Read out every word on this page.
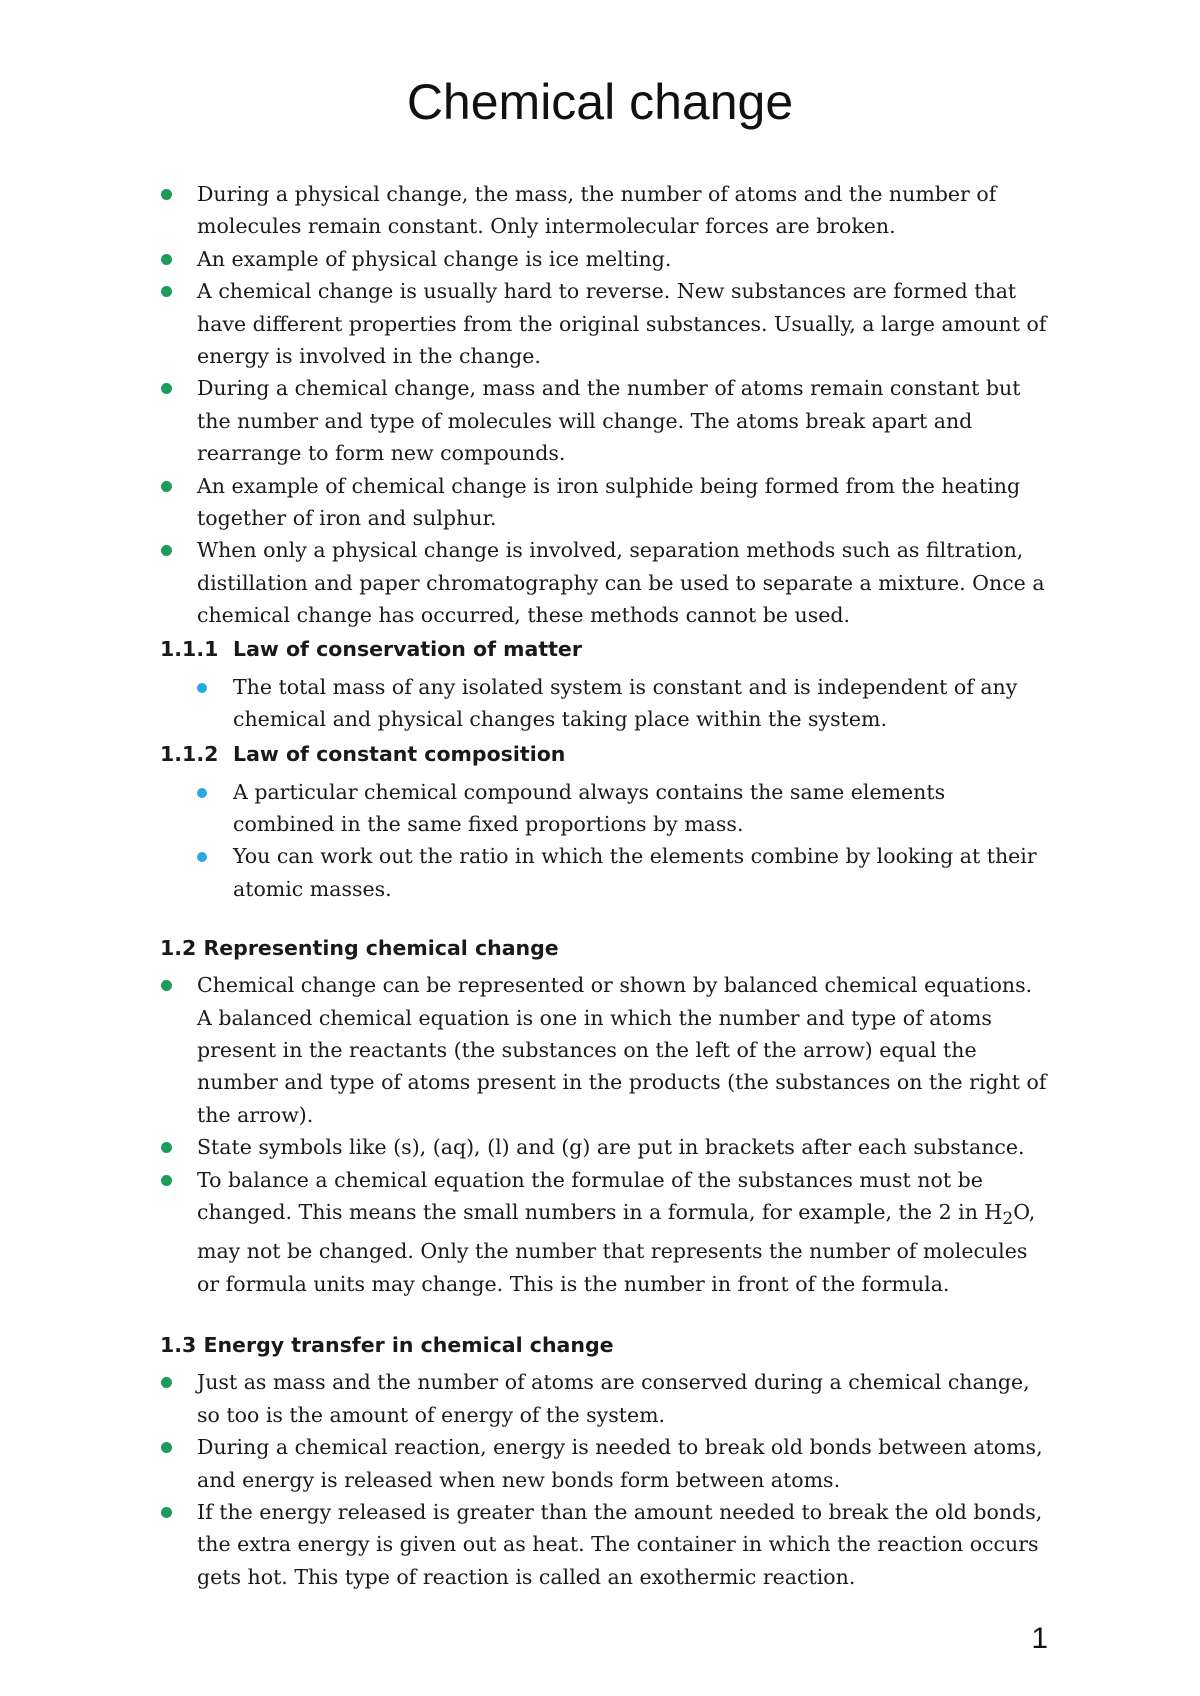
Chemical change
During a physical change, the mass, the number of atoms and the number of molecules remain constant. Only intermolecular forces are broken.
An example of physical change is ice melting.
A chemical change is usually hard to reverse. New substances are formed that have different properties from the original substances. Usually, a large amount of energy is involved in the change.
During a chemical change, mass and the number of atoms remain constant but the number and type of molecules will change. The atoms break apart and rearrange to form new compounds.
An example of chemical change is iron sulphide being formed from the heating together of iron and sulphur.
When only a physical change is involved, separation methods such as filtration, distillation and paper chromatography can be used to separate a mixture. Once a chemical change has occurred, these methods cannot be used.
1.1.1 Law of conservation of matter
The total mass of any isolated system is constant and is independent of any chemical and physical changes taking place within the system.
1.1.2 Law of constant composition
A particular chemical compound always contains the same elements combined in the same fixed proportions by mass.
You can work out the ratio in which the elements combine by looking at their atomic masses.
1.2 Representing chemical change
Chemical change can be represented or shown by balanced chemical equations. A balanced chemical equation is one in which the number and type of atoms present in the reactants (the substances on the left of the arrow) equal the number and type of atoms present in the products (the substances on the right of the arrow).
State symbols like (s), (aq), (l) and (g) are put in brackets after each substance.
To balance a chemical equation the formulae of the substances must not be changed. This means the small numbers in a formula, for example, the 2 in $H_2O$, may not be changed. Only the number that represents the number of molecules or formula units may change. This is the number in front of the formula.
1.3 Energy transfer in chemical change
Just as mass and the number of atoms are conserved during a chemical change, so too is the amount of energy of the system.
During a chemical reaction, energy is needed to break old bonds between atoms, and energy is released when new bonds form between atoms.
If the energy released is greater than the amount needed to break the old bonds, the extra energy is given out as heat. The container in which the reaction occurs gets hot. This type of reaction is called an exothermic reaction.
1
